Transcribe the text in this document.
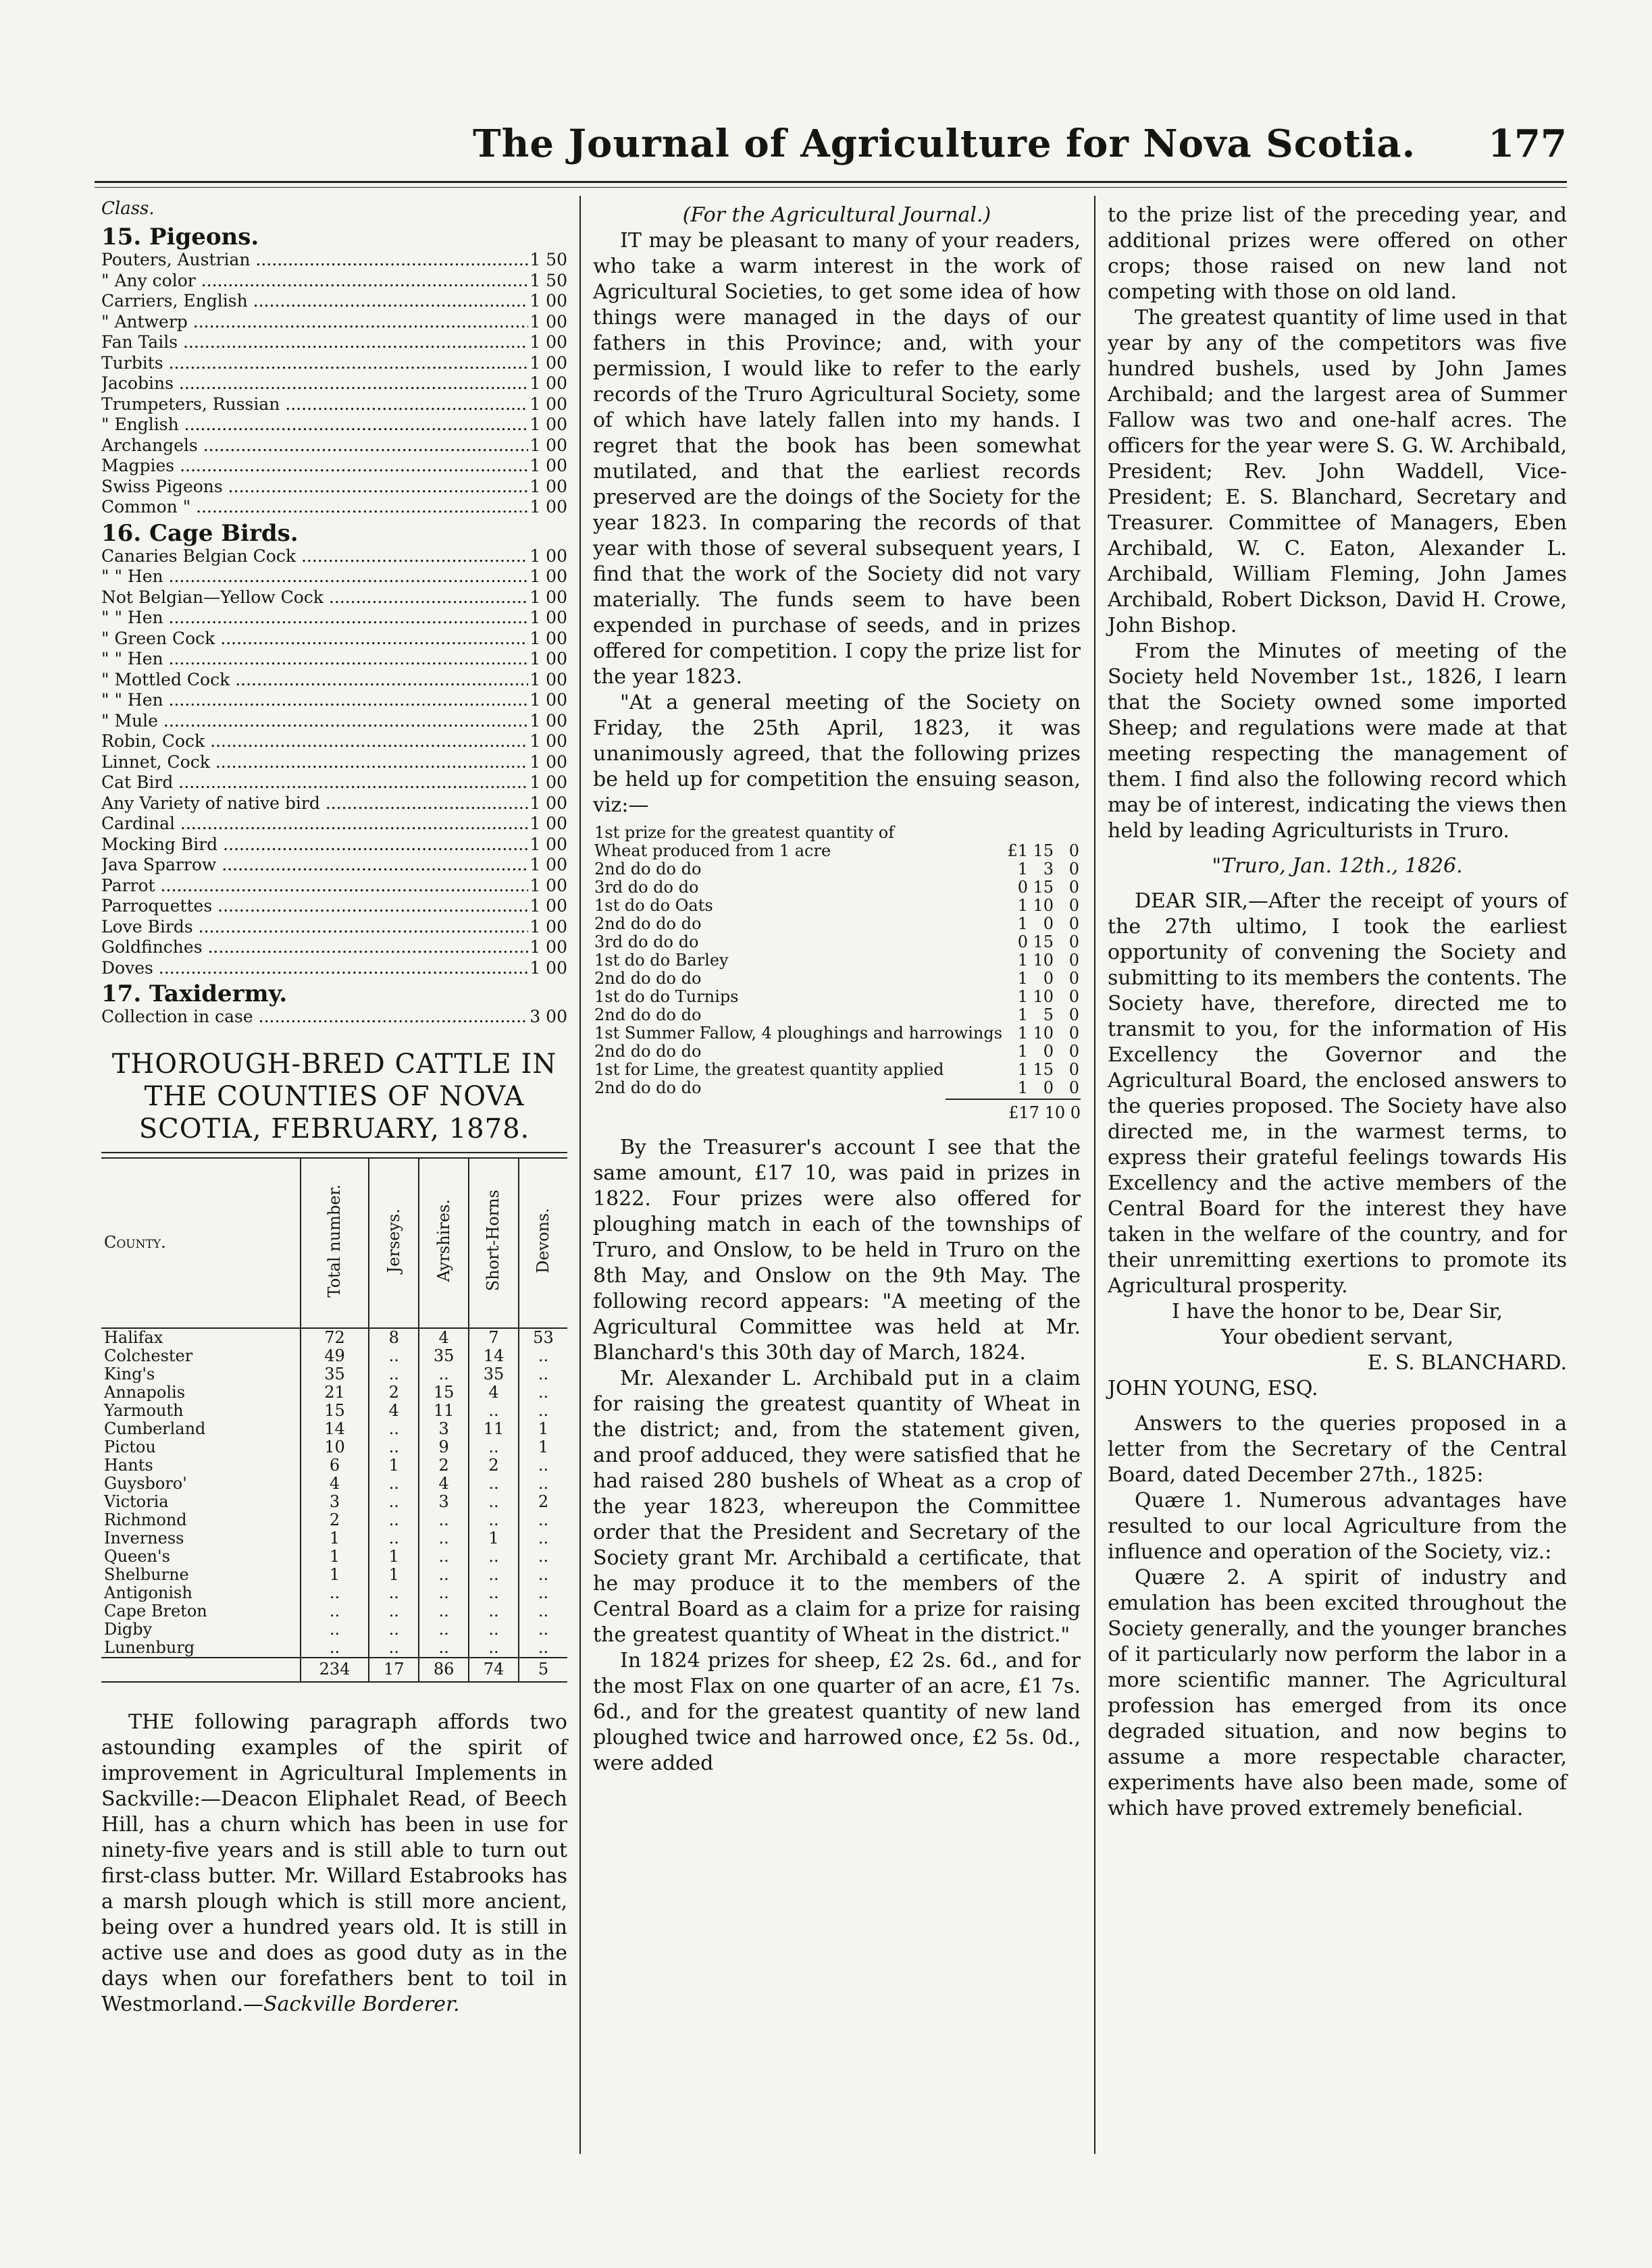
The Journal of Agriculture for Nova Scotia. 177
Class.
15. Pigeons.
Pouters, Austrian .....	1 50
" Any color .....	1 50
Carriers, English .....	1 00
" Antwerp .....	1 00
Fan Tails .....	1 00
Turbits .....	1 00
Jacobins .....	1 00
Trumpeters, Russian .....	1 00
" English .....	1 00
Archangels .....	1 00
Magpies .....	1 00
Swiss Pigeons .....	1 00
Common " .....	1 00
16. Cage Birds.
Canaries Belgian Cock .....	1 00
" " Hen .....	1 00
Not Belgian—Yellow Cock .....	1 00
" " Hen .....	1 00
" Green Cock .....	1 00
" " Hen .....	1 00
" Mottled Cock .....	1 00
" " Hen .....	1 00
" Mule .....	1 00
Robin, Cock .....	1 00
Linnet, Cock .....	1 00
Cat Bird .....	1 00
Any Variety of native bird .....	1 00
Cardinal .....	1 00
Mocking Bird .....	1 00
Java Sparrow .....	1 00
Parrot .....	1 00
Parroquettes .....	1 00
Love Birds .....	1 00
Goldfinches .....	1 00
Doves .....	1 00
17. Taxidermy.
Collection in case .....	3 00
THOROUGH-BRED CATTLE IN THE COUNTIES OF NOVA SCOTIA, FEBRUARY, 1878.
County.	Total number.	Jerseys.	Ayrshires.	Short-Horns	Devons.
Halifax	72	8	4	7	53
Colchester	49	..	35	14	..
King's	35	..	..	35	..
Annapolis	21	2	15	4	..
Yarmouth	15	4	11	..	..
Cumberland	14	..	3	11	1
Pictou	10	..	9	..	1
Hants	6	1	2	2	..
Guysboro'	4	..	4	..	..
Victoria	3	..	3	..	2
Richmond	2	..	..	..	..
Inverness	1	..	..	1	..
Queen's	1	1	..	..	..
Shelburne	1	1	..	..	..
Antigonish	..	..	..	..	..
Cape Breton	..	..	..	..	..
Digby	..	..	..	..	..
Lunenburg	..	..	..	..	..
	234	17	86	74	5

THE following paragraph affords two astounding examples of the spirit of improvement in Agricultural Implements in Sackville:—Deacon Eliphalet Read, of Beech Hill, has a churn which has been in use for ninety-five years and is still able to turn out first-class butter. Mr. Willard Estabrooks has a marsh plough which is still more ancient, being over a hundred years old. It is still in active use and does as good duty as in the days when our forefathers bent to toil in Westmorland.—Sackville Borderer.

(For the Agricultural Journal.)

IT may be pleasant to many of your readers, who take a warm interest in the work of Agricultural Societies, to get some idea of how things were managed in the days of our fathers in this Province; and, with your permission, I would like to refer to the early records of the Truro Agricultural Society, some of which have lately fallen into my hands. I regret that the book has been somewhat mutilated, and that the earliest records preserved are the doings of the Society for the year 1823. In comparing the records of that year with those of several subsequent years, I find that the work of the Society did not vary materially. The funds seem to have been expended in purchase of seeds, and in prizes offered for competition. I copy the prize list for the year 1823.

"At a general meeting of the Society on Friday, the 25th April, 1823, it was unanimously agreed, that the following prizes be held up for competition the ensuing season, viz:—

1st prize for the greatest quantity of			
Wheat produced from 1 acre	£1	15	0
2nd do do do	1	3	0
3rd do do do	0	15	0
1st do do Oats	1	10	0
2nd do do do	1	0	0
3rd do do do	0	15	0
1st do do Barley	1	10	0
2nd do do do	1	0	0
1st do do Turnips	1	10	0
2nd do do do	1	5	0
1st Summer Fallow, 4 ploughings and harrowings	1	10	0
2nd do do do	1	0	0
1st for Lime, the greatest quantity applied	1	15	0
2nd do do do	1	0	0
£17 10 0

By the Treasurer's account I see that the same amount, £17 10, was paid in prizes in 1822. Four prizes were also offered for ploughing match in each of the townships of Truro, and Onslow, to be held in Truro on the 8th May, and Onslow on the 9th May. The following record appears: "A meeting of the Agricultural Committee was held at Mr. Blanchard's this 30th day of March, 1824.

Mr. Alexander L. Archibald put in a claim for raising the greatest quantity of Wheat in the district; and, from the statement given, and proof adduced, they were satisfied that he had raised 280 bushels of Wheat as a crop of the year 1823, whereupon the Committee order that the President and Secretary of the Society grant Mr. Archibald a certificate, that he may produce it to the members of the Central Board as a claim for a prize for raising the greatest quantity of Wheat in the district."

In 1824 prizes for sheep, £2 2s. 6d., and for the most Flax on one quarter of an acre, £1 7s. 6d., and for the greatest quantity of new land ploughed twice and harrowed once, £2 5s. 0d., were added

to the prize list of the preceding year, and additional prizes were offered on other crops; those raised on new land not competing with those on old land.

The greatest quantity of lime used in that year by any of the competitors was five hundred bushels, used by John James Archibald; and the largest area of Summer Fallow was two and one-half acres. The officers for the year were S. G. W. Archibald, President; Rev. John Waddell, Vice-President; E. S. Blanchard, Secretary and Treasurer. Committee of Managers, Eben Archibald, W. C. Eaton, Alexander L. Archibald, William Fleming, John James Archibald, Robert Dickson, David H. Crowe, John Bishop.

From the Minutes of meeting of the Society held November 1st., 1826, I learn that the Society owned some imported Sheep; and regulations were made at that meeting respecting the management of them. I find also the following record which may be of interest, indicating the views then held by leading Agriculturists in Truro.

"Truro, Jan. 12th., 1826.

DEAR SIR,—After the receipt of yours of the 27th ultimo, I took the earliest opportunity of convening the Society and submitting to its members the contents. The Society have, therefore, directed me to transmit to you, for the information of His Excellency the Governor and the Agricultural Board, the enclosed answers to the queries proposed. The Society have also directed me, in the warmest terms, to express their grateful feelings towards His Excellency and the active members of the Central Board for the interest they have taken in the welfare of the country, and for their unremitting exertions to promote its Agricultural prosperity.

I have the honor to be, Dear Sir,

Your obedient servant,

E. S. BLANCHARD.

JOHN YOUNG, ESQ.

Answers to the queries proposed in a letter from the Secretary of the Central Board, dated December 27th., 1825:

Quære 1. Numerous advantages have resulted to our local Agriculture from the influence and operation of the Society, viz.:

Quære 2. A spirit of industry and emulation has been excited throughout the Society generally, and the younger branches of it particularly now perform the labor in a more scientific manner. The Agricultural profession has emerged from its once degraded situation, and now begins to assume a more respectable character, experiments have also been made, some of which have proved extremely beneficial.
